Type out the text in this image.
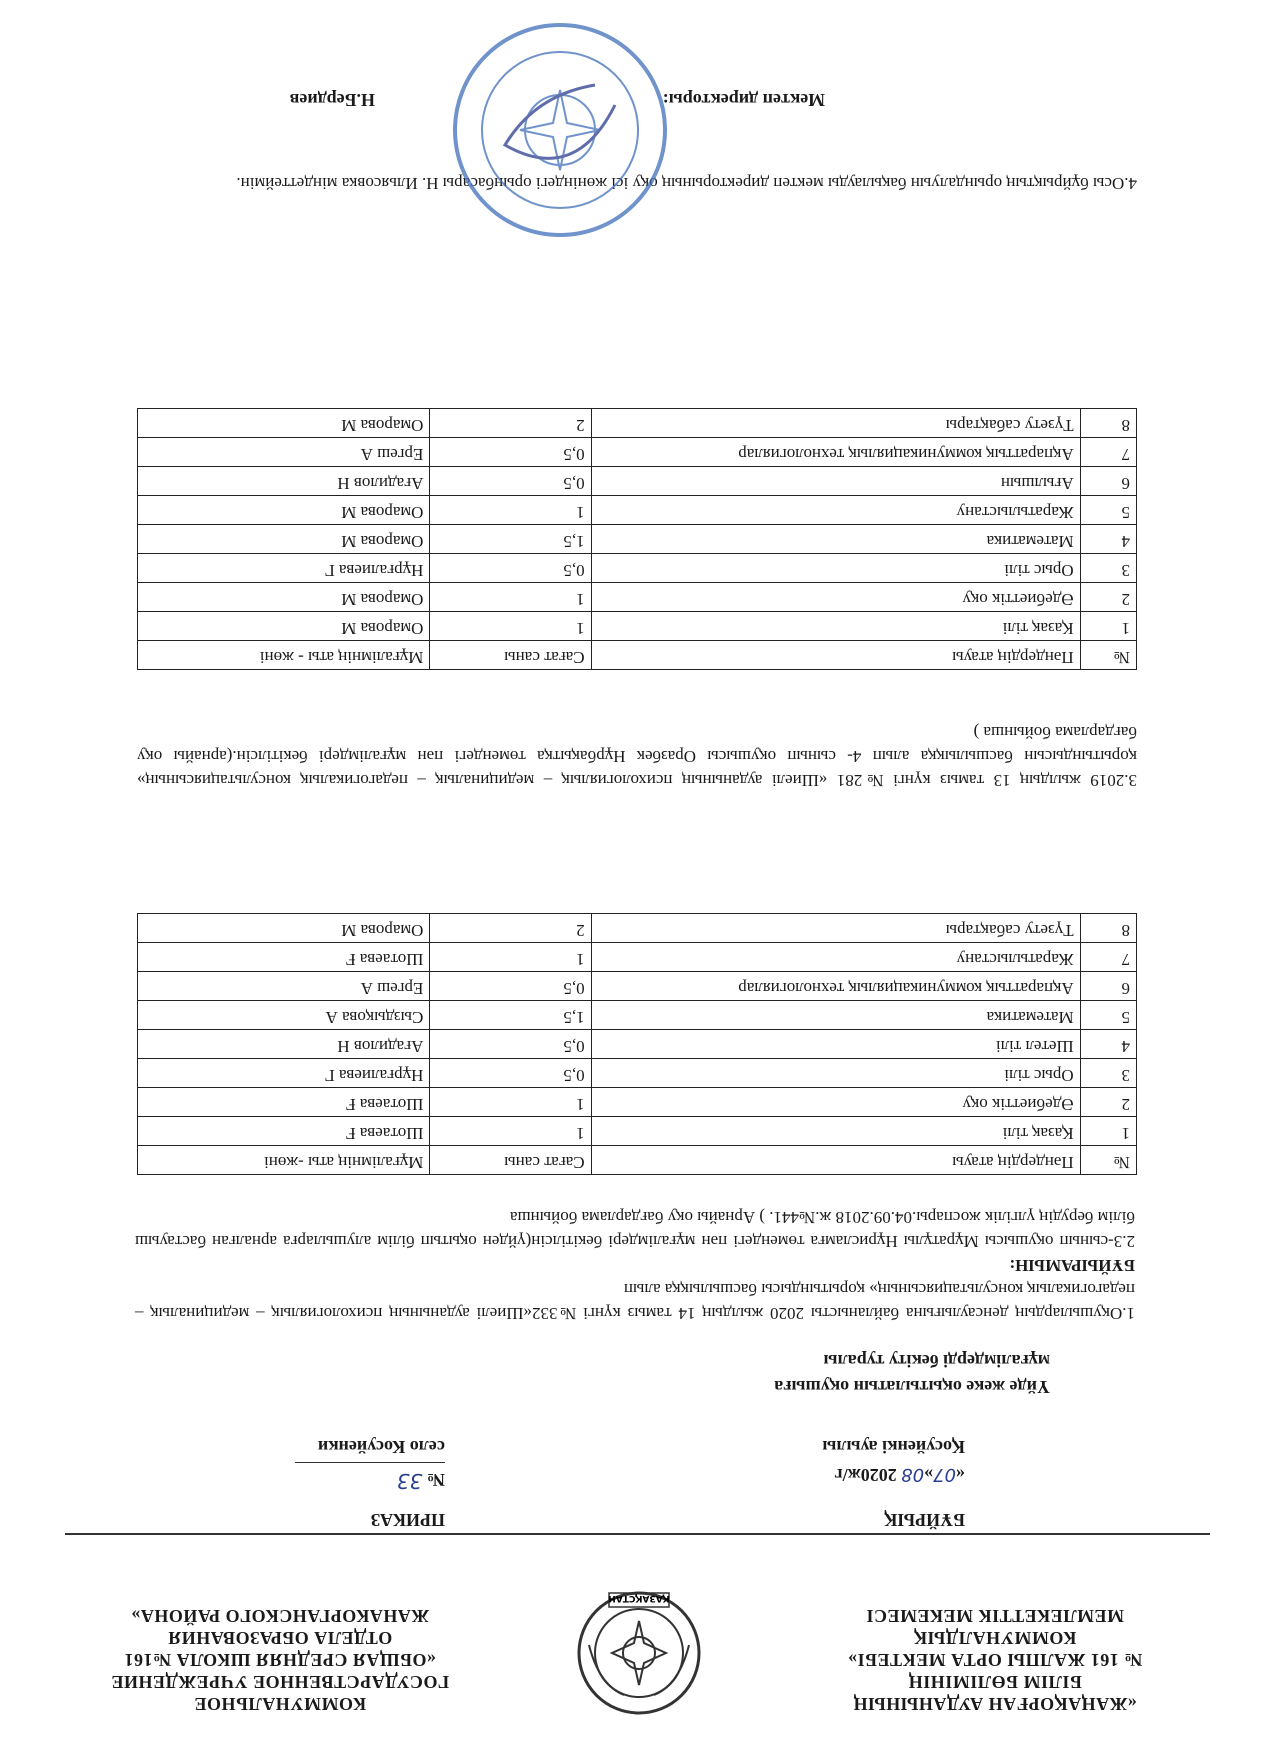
«ЖАҢАҚОРҒАН АУДАНЫНЫҢ
БІЛІМ БӨЛІМІНІҢ
№ 161 ЖАЛПЫ ОРТА МЕКТЕБІ»
КОММУНАЛДЫҚ
МЕМЛЕКЕТТІК МЕКЕМЕСІ
ҚАЗАҚСТАН
КОММУНАЛЬНОЕ
ГОСУДАРСТВЕННОЕ УЧРЕЖДЕНИЕ
«ОБЩАЯ СРЕДНЯЯ ШКОЛА №161
ОТДЕЛА ОБРАЗОВАНИЯ
ЖАНАКОРГАНСКОГО РАЙОНА»
БҰЙРЫҚ
ПРИКАЗ
«07»08 2020ж/г
№ 33
Қосуйенкі ауылы
село Косуйенки
Үйде жеке оқытылатын оқушыға
мұғалімдерді бекіту туралы

1.Оқушылардың денсаулығына байланысты 2020 жылдың 14 тамыз күнгі №332«Шиелі ауданының психологиялық – медициналық – педагогикалық консультациясының» қорытындысы басшылыққа алып

БҰЙЫРАМЫН:

2.3-сынып оқушысы Мұратұлы Нұрисламға төмендегі пән мұғалімдері бекітілсін(үйден оқытып білім алушыларға арналған бастауыш білім берудің үлгілік жоспары.04.09.2018 ж.№441. ) Арнайы оқу бағдарлама бойынша

№	Пәндердің атауы	Сағат саны	Мұғалімнің аты -жөні
1	Қазақ тілі	1	Шотаева Ғ
2	Әдебиеттік оқу	1	Шотаева Ғ
3	Орыс тілі	0,5	Нұрғалиева Г
4	Шетел тілі	0,5	Ағадилов Н
5	Математика	1,5	Сыздықова А
6	Ақпараттық коммуникациялық технологиялар	0,5	Ергеш А
7	Жаратылыстану	1	Шотаева Ғ
8	Түзету сабақтары	2	Омарова М
3.2019 жылдың 13 тамыз күнгі №281 «Шиелі ауданының психологиялық – медициналық – педагогикалық консультациясының» қорытындысын басшылыққа алып 4- сынып оқушысы Оразбек Нұрбақытқа төмендегі пән мұғалімдері бекітілсін.(арнайы оқу бағдарлама бойынша )
№	Пәндердің атауы	Сағат саны	Мұғалімнің аты - жөні
1	Қазақ тілі	1	Омарова М
2	Әдебиеттік оқу	1	Омарова М
3	Орыс тілі	0,5	Нұрғалиева Г
4	Математика	1,5	Омарова М
5	Жаратылыстану	1	Омарова М
6	Ағылшын	0,5	Ағадилов Н
7	Ақпараттық коммуникациялық технологиялар	0,5	Ергеш А
8	Түзету сабақтары	2	Омарова М
4.Осы бұйрықтың орындалуын бақылауды мектеп директорының оқу ісі жөніндегі орынбасары Н. Ильясовка міндеттеймін.
Мектеп директоры:
Н.Бердиев
